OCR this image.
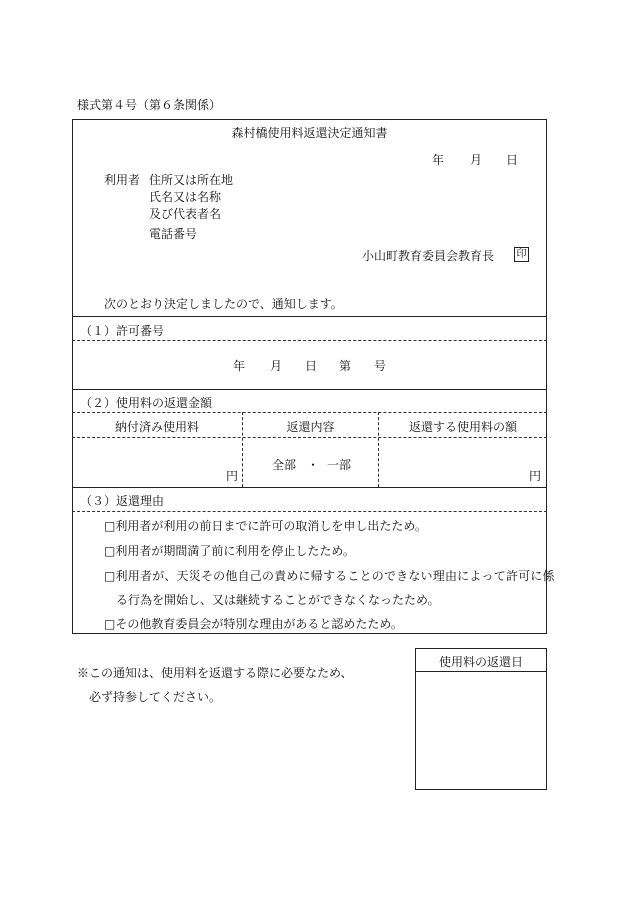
様式第４号（第６条関係）
森村橋使用料返還決定通知書
年 月 日
利用者 住所又は所在地
氏名又は名称
及び代表者名
電話番号
小山町教育委員会教育長 印
次のとおり決定しましたので、通知します。
（１）許可番号
年 月 日 第 号
（２）使用料の返還金額
納付済み使用料	返還内容	返還する使用料の額
円
全部 ・ 一部
円
（３）返還理由
□利用者が利用の前日までに許可の取消しを申し出たため。
□利用者が期間満了前に利用を停止したため。
□利用者が、天災その他自己の責めに帰することのできない理由によって許可に係
　る行為を開始し、又は継続することができなくなったため。
□その他教育委員会が特別な理由があると認めたため。
※この通知は、使用料を返還する際に必要なため、
　必ず持参してください。
使用料の返還日
